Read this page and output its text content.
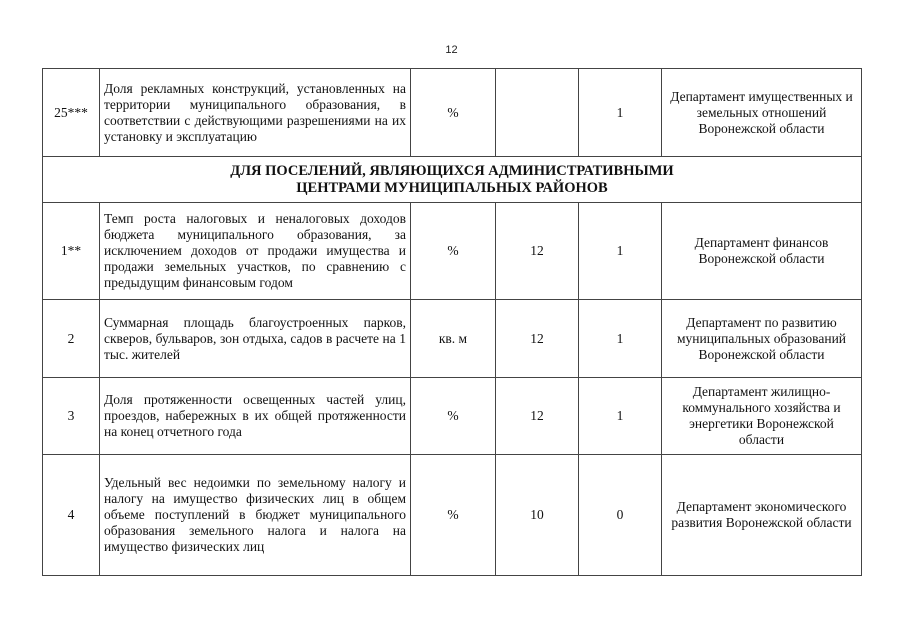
12
25***	Доля рекламных конструкций, установленных на территории муниципального образования, в соответствии с действующими разрешениями на их установку и эксплуатацию	%		1	Департамент имущественных и земельных отношений Воронежской области

ДЛЯ ПОСЕЛЕНИЙ, ЯВЛЯЮЩИХСЯ АДМИНИСТРАТИВНЫМИ ЦЕНТРАМИ МУНИЦИПАЛЬНЫХ РАЙОНОВ					

1**	Темп роста налоговых и неналоговых доходов бюджета муниципального образования, за исключением доходов от продажи имущества и продажи земельных участков, по сравнению с предыдущим финансовым годом	%	12	1	Департамент финансов Воронежской области
2	Суммарная площадь благоустроенных парков, скверов, бульваров, зон отдыха, садов в расчете на 1 тыс. жителей	кв. м	12	1	Департамент по развитию муниципальных образований Воронежской области
3	Доля протяженности освещенных частей улиц, проездов, набережных в их общей протяженности на конец отчетного года	%	12	1	Департамент жилищно-коммунального хозяйства и энергетики Воронежской области
4	Удельный вес недоимки по земельному налогу и налогу на имущество физических лиц в общем объеме поступлений в бюджет муниципального образования земельного налога и налога на имущество физических лиц	%	10	0	Департамент экономического развития Воронежской области
